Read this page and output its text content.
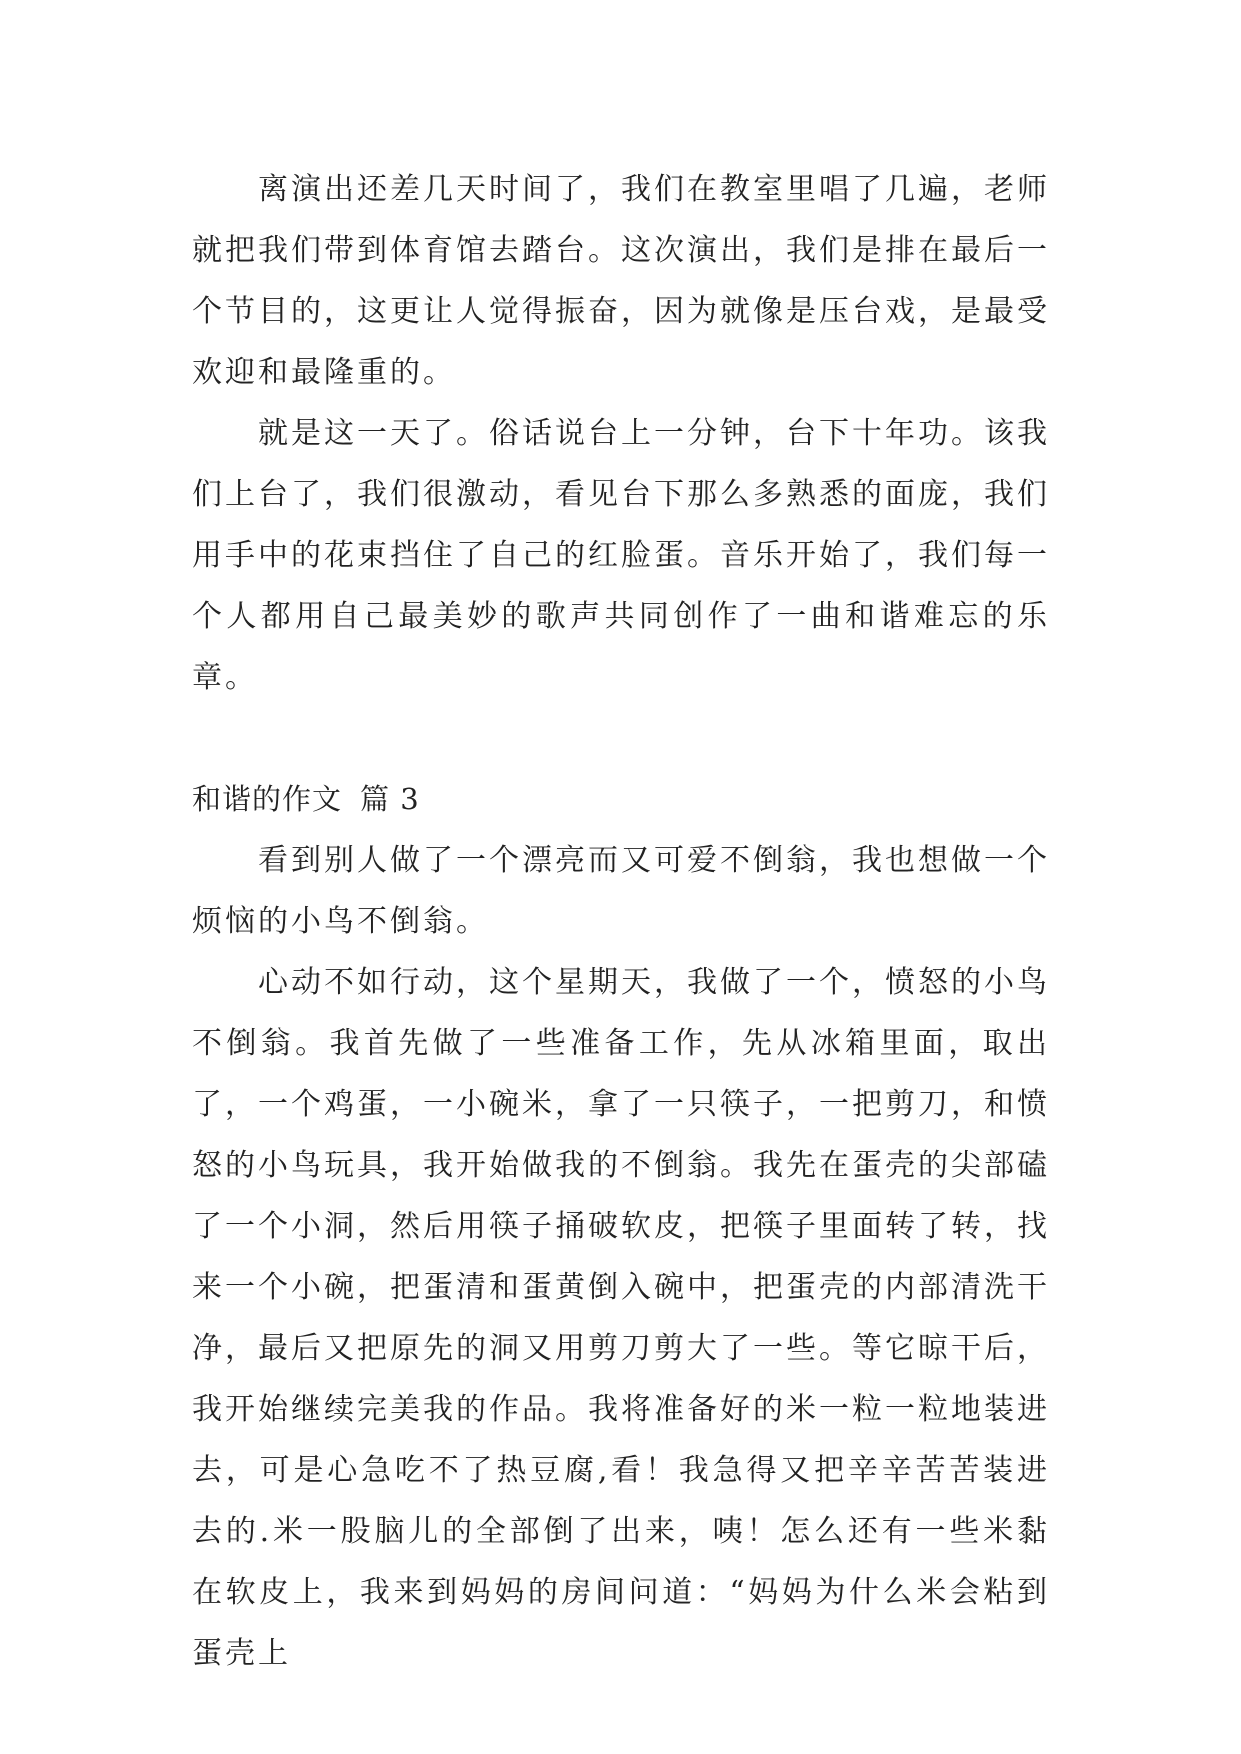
离演出还差几天时间了，我们在教室里唱了几遍，老师就把我们带到体育馆去踏台。这次演出，我们是排在最后一个节目的，这更让人觉得振奋，因为就像是压台戏，是最受欢迎和最隆重的。

就是这一天了。俗话说台上一分钟，台下十年功。该我们上台了，我们很激动，看见台下那么多熟悉的面庞，我们用手中的花束挡住了自己的红脸蛋。音乐开始了，我们每一个人都用自己最美妙的歌声共同创作了一曲和谐难忘的乐章。

和谐的作文 篇 3

看到别人做了一个漂亮而又可爱不倒翁，我也想做一个烦恼的小鸟不倒翁。

心动不如行动，这个星期天，我做了一个，愤怒的小鸟不倒翁。我首先做了一些准备工作，先从冰箱里面，取出了，一个鸡蛋，一小碗米，拿了一只筷子，一把剪刀，和愤怒的小鸟玩具，我开始做我的不倒翁。我先在蛋壳的尖部磕了一个小洞，然后用筷子捅破软皮，把筷子里面转了转，找来一个小碗，把蛋清和蛋黄倒入碗中，把蛋壳的内部清洗干净，最后又把原先的洞又用剪刀剪大了一些。等它晾干后，我开始继续完美我的作品。我将准备好的米一粒一粒地装进去，可是心急吃不了热豆腐,看！我急得又把辛辛苦苦装进去的.米一股脑儿的全部倒了出来，咦！怎么还有一些米黏在软皮上，我来到妈妈的房间问道：“妈妈为什么米会粘到蛋壳上
